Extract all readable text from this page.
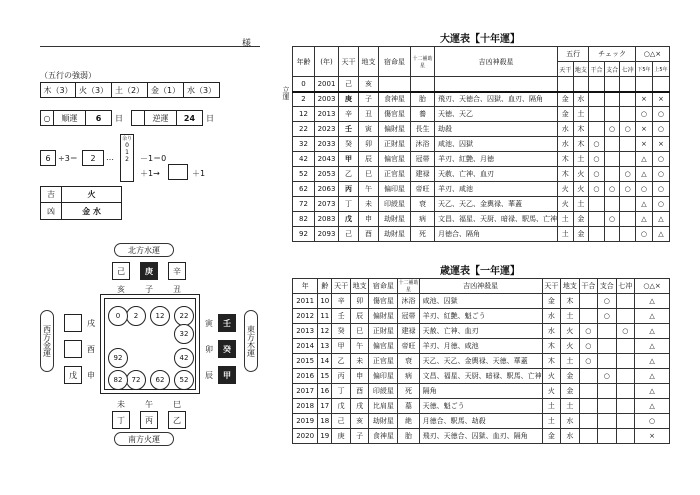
様
（五行の強弱）
木（3） 火（3） 土（2） 金（1） 水（3）
○	順運	6	日	逆運	24	日
6 ÷3＝	2	…
余り
0
1
2	－1＝0
＋1→	＋1
吉	火
凶	金 水
北方水運
南方火運
西方金運	東方木運
己	庚	辛
亥	子	丑
丁	丙	乙
未	午	巳
戊
戌
酉
申
壬
癸
甲
寅
卯
辰
2	12	22
32
42
52
62
72
82
92
0
大運表【十年運】
立運
年齢	(年)	天干	地支	宿命星	十二補助星	吉凶神殺星	五行		チェック			○△×	
							天干	地支	干合	支合	七冲	下5年	上5年
0	2001	己	亥										
2	2003	庚	子	食神星	胎	飛刃、天徳合、囚獄、血刃、隔角	金	水				×	×
12	2013	辛	丑	傷官星	養	天徳、天乙	金	土				○	○
22	2023	壬	寅	偏財星	長生	劫殺	水	木		○	○	×	○
32	2033	癸	卯	正財星	沐浴	咸池、囚獄	水	木	○			×	×
42	2043	甲	辰	偏官星	冠帯	羊刃、紅艶、月徳	木	土	○			△	○
52	2053	乙	巳	正官星	建禄	天赦、亡神、血刃	木	火	○		○	△	○
62	2063	丙	午	偏印星	帝旺	羊刃、咸池	火	火	○	○	○	○	○
72	2073	丁	未	印綬星	衰	天乙、天乙、金輿禄、華蓋	火	土				△	○
82	2083	戊	申	劫財星	病	文昌、福星、天厨、暗禄、駅馬、亡神	土	金		○		△	△
92	2093	己	酉	劫財星	死	月徳合、隔角	土	金				○	△
歳運表【一年運】
年	齢	天干	地支	宿命星	十二補助星	吉凶神殺星	天干	地支	干合	支合	七冲	○△×
2011	10	辛	卯	傷官星	沐浴	咸池、囚獄	金	木		○		△
2012	11	壬	辰	偏財星	冠帯	羊刃、紅艶、魁ごう	水	土		○		△
2013	12	癸	巳	正財星	建禄	天赦、亡神、血刃	水	火	○		○	△
2014	13	甲	午	偏官星	帝旺	羊刃、月徳、咸池	木	火	○			△
2015	14	乙	未	正官星	衰	天乙、天乙、金輿禄、天徳、華蓋	木	土	○			△
2016	15	丙	申	偏印星	病	文昌、福星、天厨、暗禄、駅馬、亡神	火	金		○		△
2017	16	丁	酉	印綬星	死	隔角	火	金				△
2018	17	戊	戌	比肩星	墓	天徳、魁ごう	土	土				△
2019	18	己	亥	劫財星	絶	月徳合、駅馬、劫殺	土	水				○
2020	19	庚	子	食神星	胎	飛刃、天徳合、囚獄、血刃、隔角	金	水				×
